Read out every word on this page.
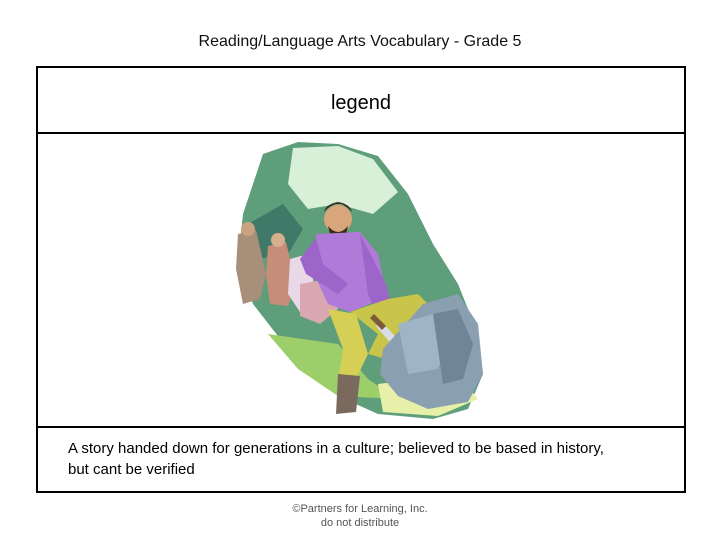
Reading/Language Arts Vocabulary - Grade 5
legend
A story handed down for generations in a culture; believed to be based in history, but cant be verified
©Partners for Learning, Inc.
do not distribute
